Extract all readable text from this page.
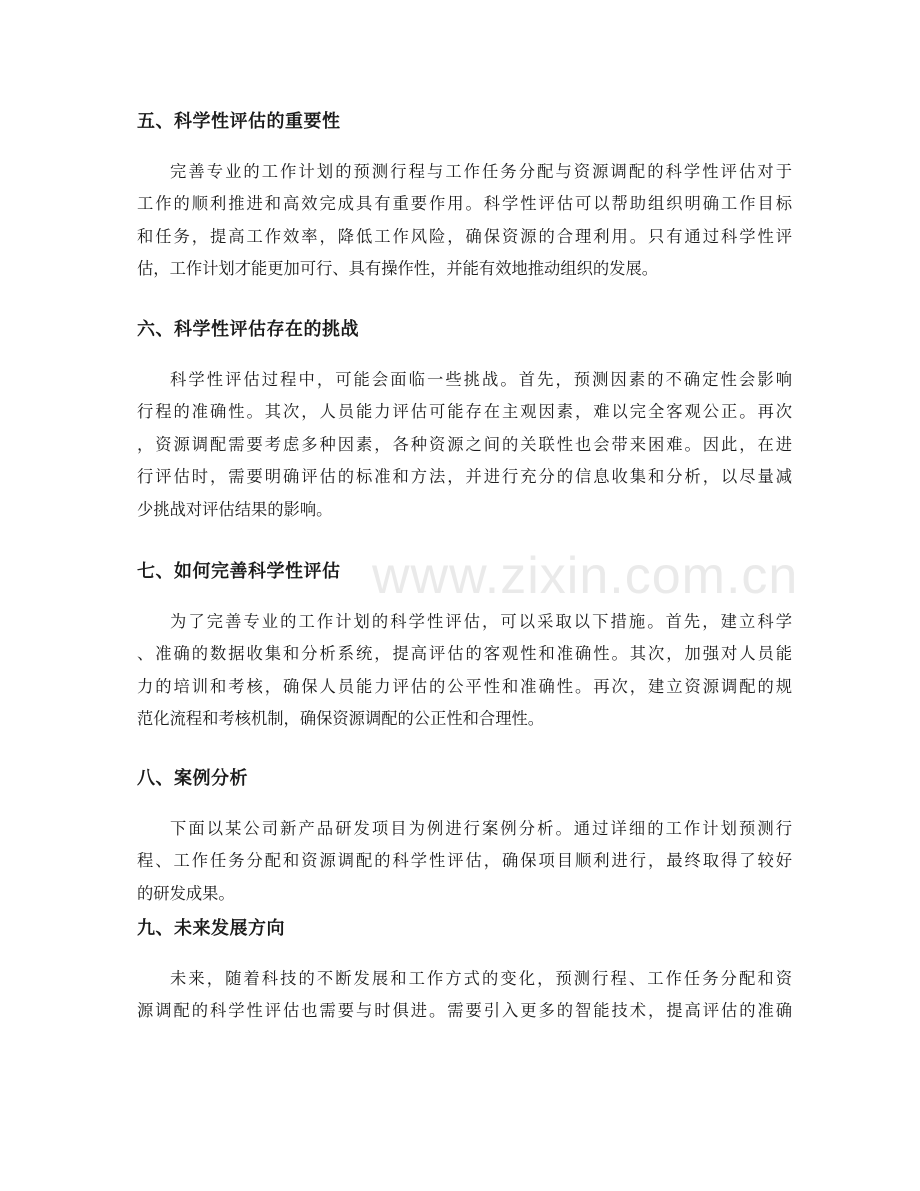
五、科学性评估的重要性
完善专业的工作计划的预测行程与工作任务分配与资源调配的科学性评估对于
工作的顺利推进和高效完成具有重要作用。科学性评估可以帮助组织明确工作目标
和任务，提高工作效率，降低工作风险，确保资源的合理利用。只有通过科学性评
估，工作计划才能更加可行、具有操作性，并能有效地推动组织的发展。
六、科学性评估存在的挑战
科学性评估过程中，可能会面临一些挑战。首先，预测因素的不确定性会影响
行程的准确性。其次，人员能力评估可能存在主观因素，难以完全客观公正。再次
，资源调配需要考虑多种因素，各种资源之间的关联性也会带来困难。因此，在进
行评估时，需要明确评估的标准和方法，并进行充分的信息收集和分析，以尽量减
少挑战对评估结果的影响。
七、如何完善科学性评估
为了完善专业的工作计划的科学性评估，可以采取以下措施。首先，建立科学
、准确的数据收集和分析系统，提高评估的客观性和准确性。其次，加强对人员能
力的培训和考核，确保人员能力评估的公平性和准确性。再次，建立资源调配的规
范化流程和考核机制，确保资源调配的公正性和合理性。
八、案例分析
下面以某公司新产品研发项目为例进行案例分析。通过详细的工作计划预测行
程、工作任务分配和资源调配的科学性评估，确保项目顺利进行，最终取得了较好
的研发成果。
九、未来发展方向
未来，随着科技的不断发展和工作方式的变化，预测行程、工作任务分配和资
源调配的科学性评估也需要与时俱进。需要引入更多的智能技术，提高评估的准确
www.zixin.com.cn
